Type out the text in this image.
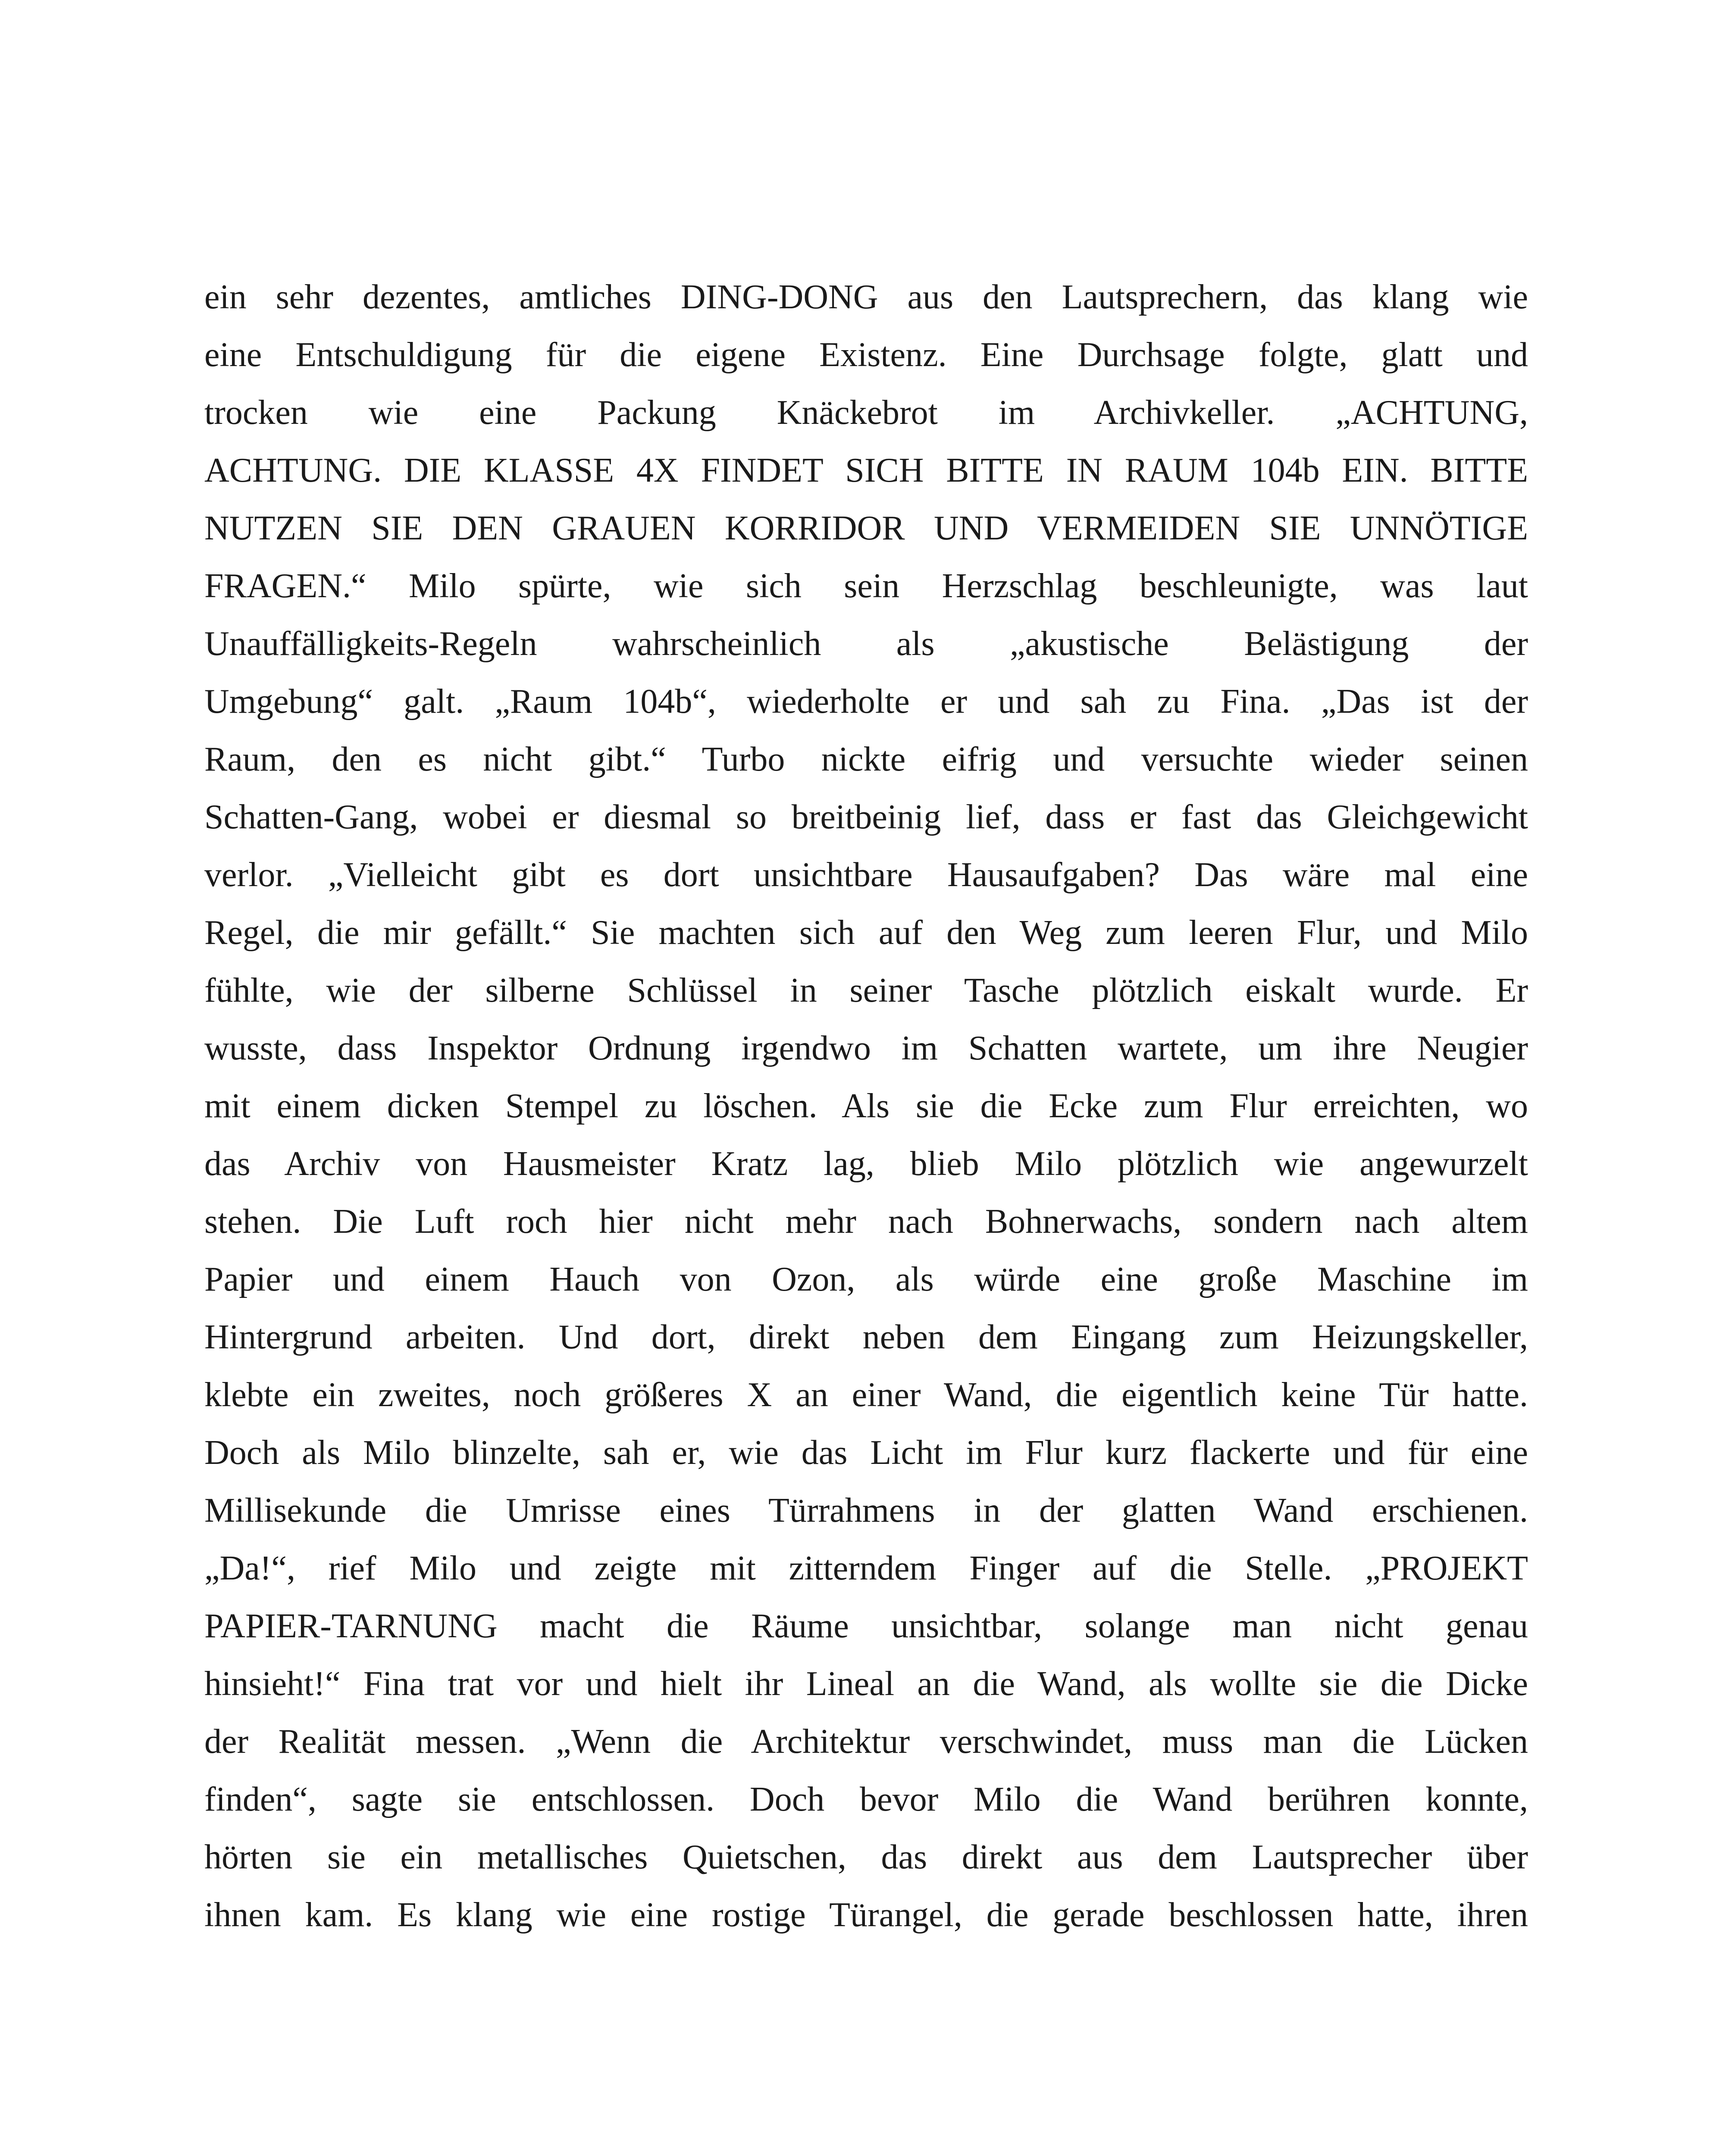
ein sehr dezentes, amtliches DING-DONG aus den Lautsprechern, das klang wie
eine Entschuldigung für die eigene Existenz. Eine Durchsage folgte, glatt und
trocken wie eine Packung Knäckebrot im Archivkeller. „ACHTUNG,
ACHTUNG. DIE KLASSE 4X FINDET SICH BITTE IN RAUM 104b EIN. BITTE
NUTZEN SIE DEN GRAUEN KORRIDOR UND VERMEIDEN SIE UNNÖTIGE
FRAGEN.“ Milo spürte, wie sich sein Herzschlag beschleunigte, was laut
Unauffälligkeits-Regeln wahrscheinlich als „akustische Belästigung der
Umgebung“ galt. „Raum 104b“, wiederholte er und sah zu Fina. „Das ist der
Raum, den es nicht gibt.“ Turbo nickte eifrig und versuchte wieder seinen
Schatten-Gang, wobei er diesmal so breitbeinig lief, dass er fast das Gleichgewicht
verlor. „Vielleicht gibt es dort unsichtbare Hausaufgaben? Das wäre mal eine
Regel, die mir gefällt.“ Sie machten sich auf den Weg zum leeren Flur, und Milo
fühlte, wie der silberne Schlüssel in seiner Tasche plötzlich eiskalt wurde. Er
wusste, dass Inspektor Ordnung irgendwo im Schatten wartete, um ihre Neugier
mit einem dicken Stempel zu löschen. Als sie die Ecke zum Flur erreichten, wo
das Archiv von Hausmeister Kratz lag, blieb Milo plötzlich wie angewurzelt
stehen. Die Luft roch hier nicht mehr nach Bohnerwachs, sondern nach altem
Papier und einem Hauch von Ozon, als würde eine große Maschine im
Hintergrund arbeiten. Und dort, direkt neben dem Eingang zum Heizungskeller,
klebte ein zweites, noch größeres X an einer Wand, die eigentlich keine Tür hatte.
Doch als Milo blinzelte, sah er, wie das Licht im Flur kurz flackerte und für eine
Millisekunde die Umrisse eines Türrahmens in der glatten Wand erschienen.
„Da!“, rief Milo und zeigte mit zitterndem Finger auf die Stelle. „PROJEKT
PAPIER-TARNUNG macht die Räume unsichtbar, solange man nicht genau
hinsieht!“ Fina trat vor und hielt ihr Lineal an die Wand, als wollte sie die Dicke
der Realität messen. „Wenn die Architektur verschwindet, muss man die Lücken
finden“, sagte sie entschlossen. Doch bevor Milo die Wand berühren konnte,
hörten sie ein metallisches Quietschen, das direkt aus dem Lautsprecher über
ihnen kam. Es klang wie eine rostige Türangel, die gerade beschlossen hatte, ihren
